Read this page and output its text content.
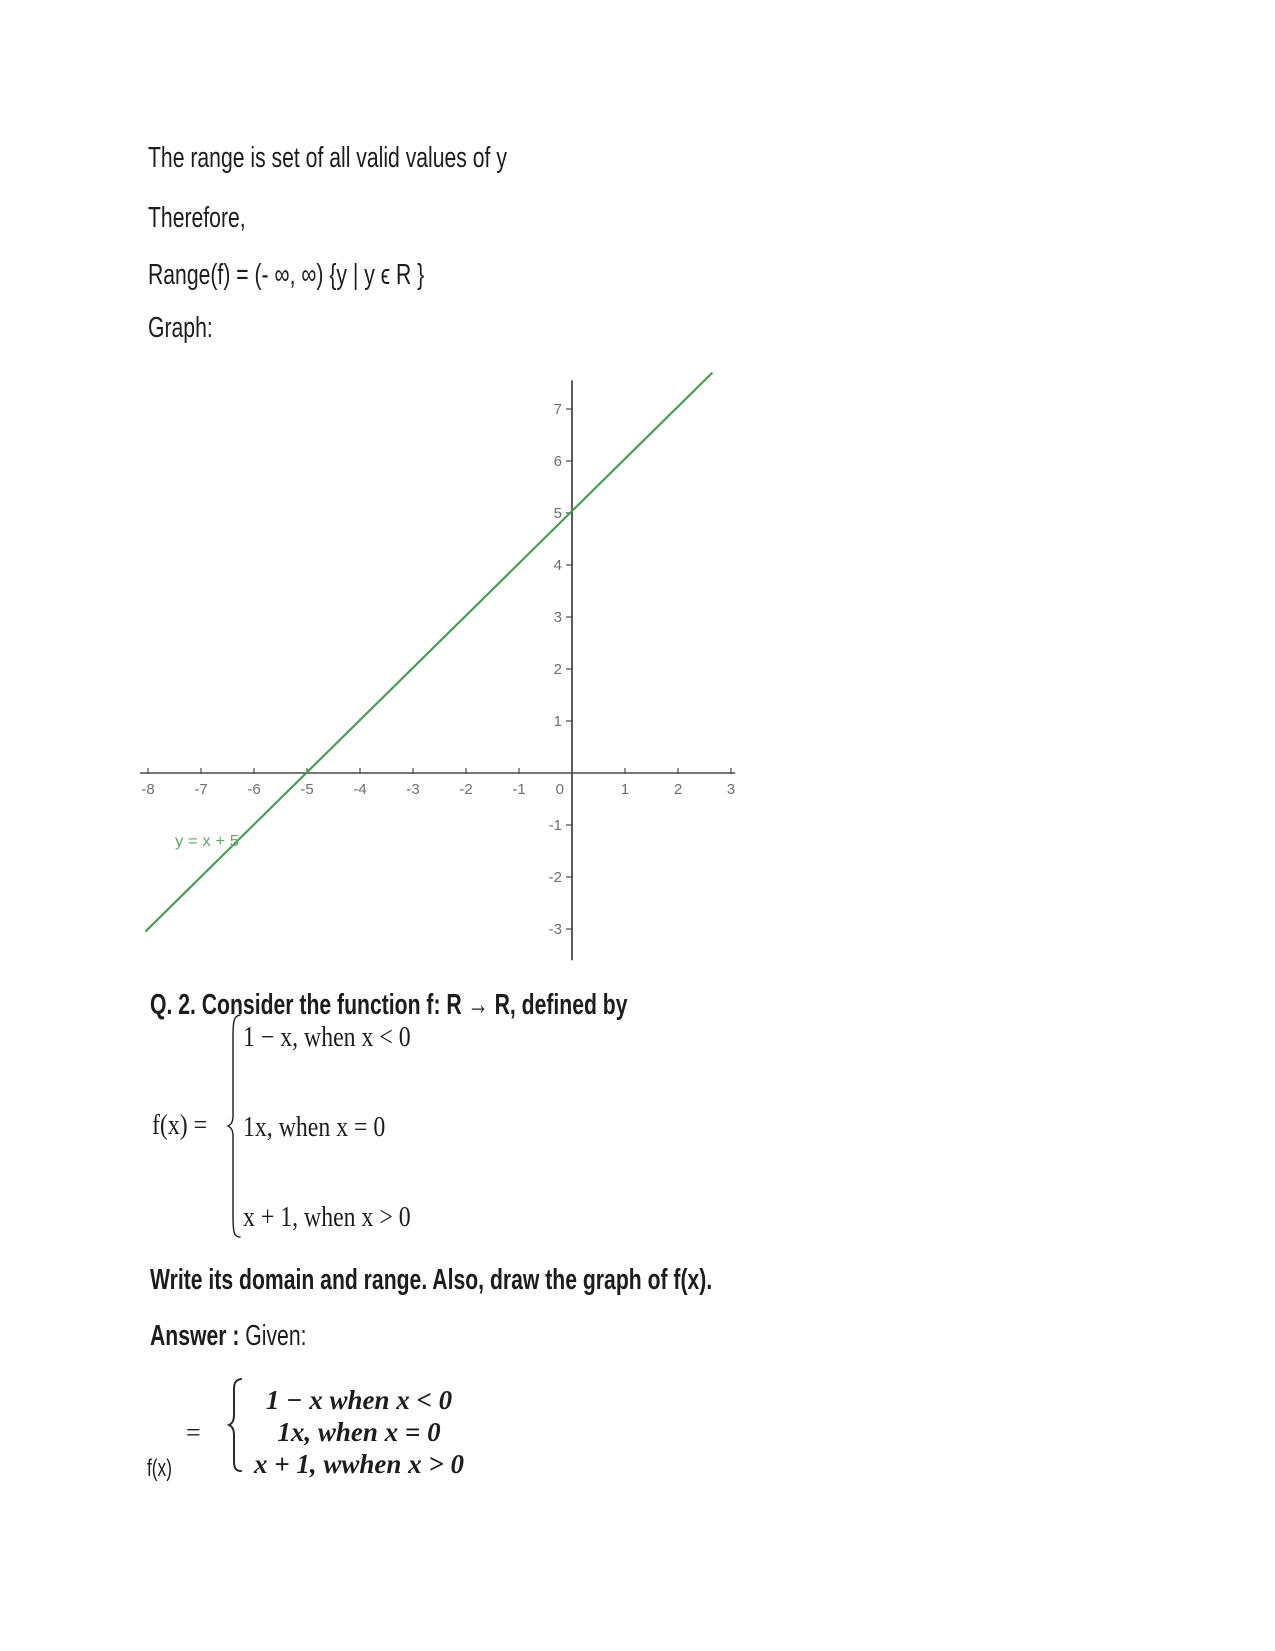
The range is set of all valid values of y
Therefore,
Range(f) = (- ∞, ∞) {y | y ϵ R }
Graph:
-8	-7	-6	-5	-4	-3	-2	-1 0	1	2	3
-3
-2
-1
1
2
3
4
5
6
7
y = x + 5
Q. 2. Consider the function f: R → R, defined by
f(x) =
1 − x, when x < 0
1x, when x = 0
x + 1, when x > 0
Write its domain and range. Also, draw the graph of f(x).
Answer : Given:
=
1 − x when x < 0
1x, when x = 0
x + 1, wwhen x > 0
f(x)
